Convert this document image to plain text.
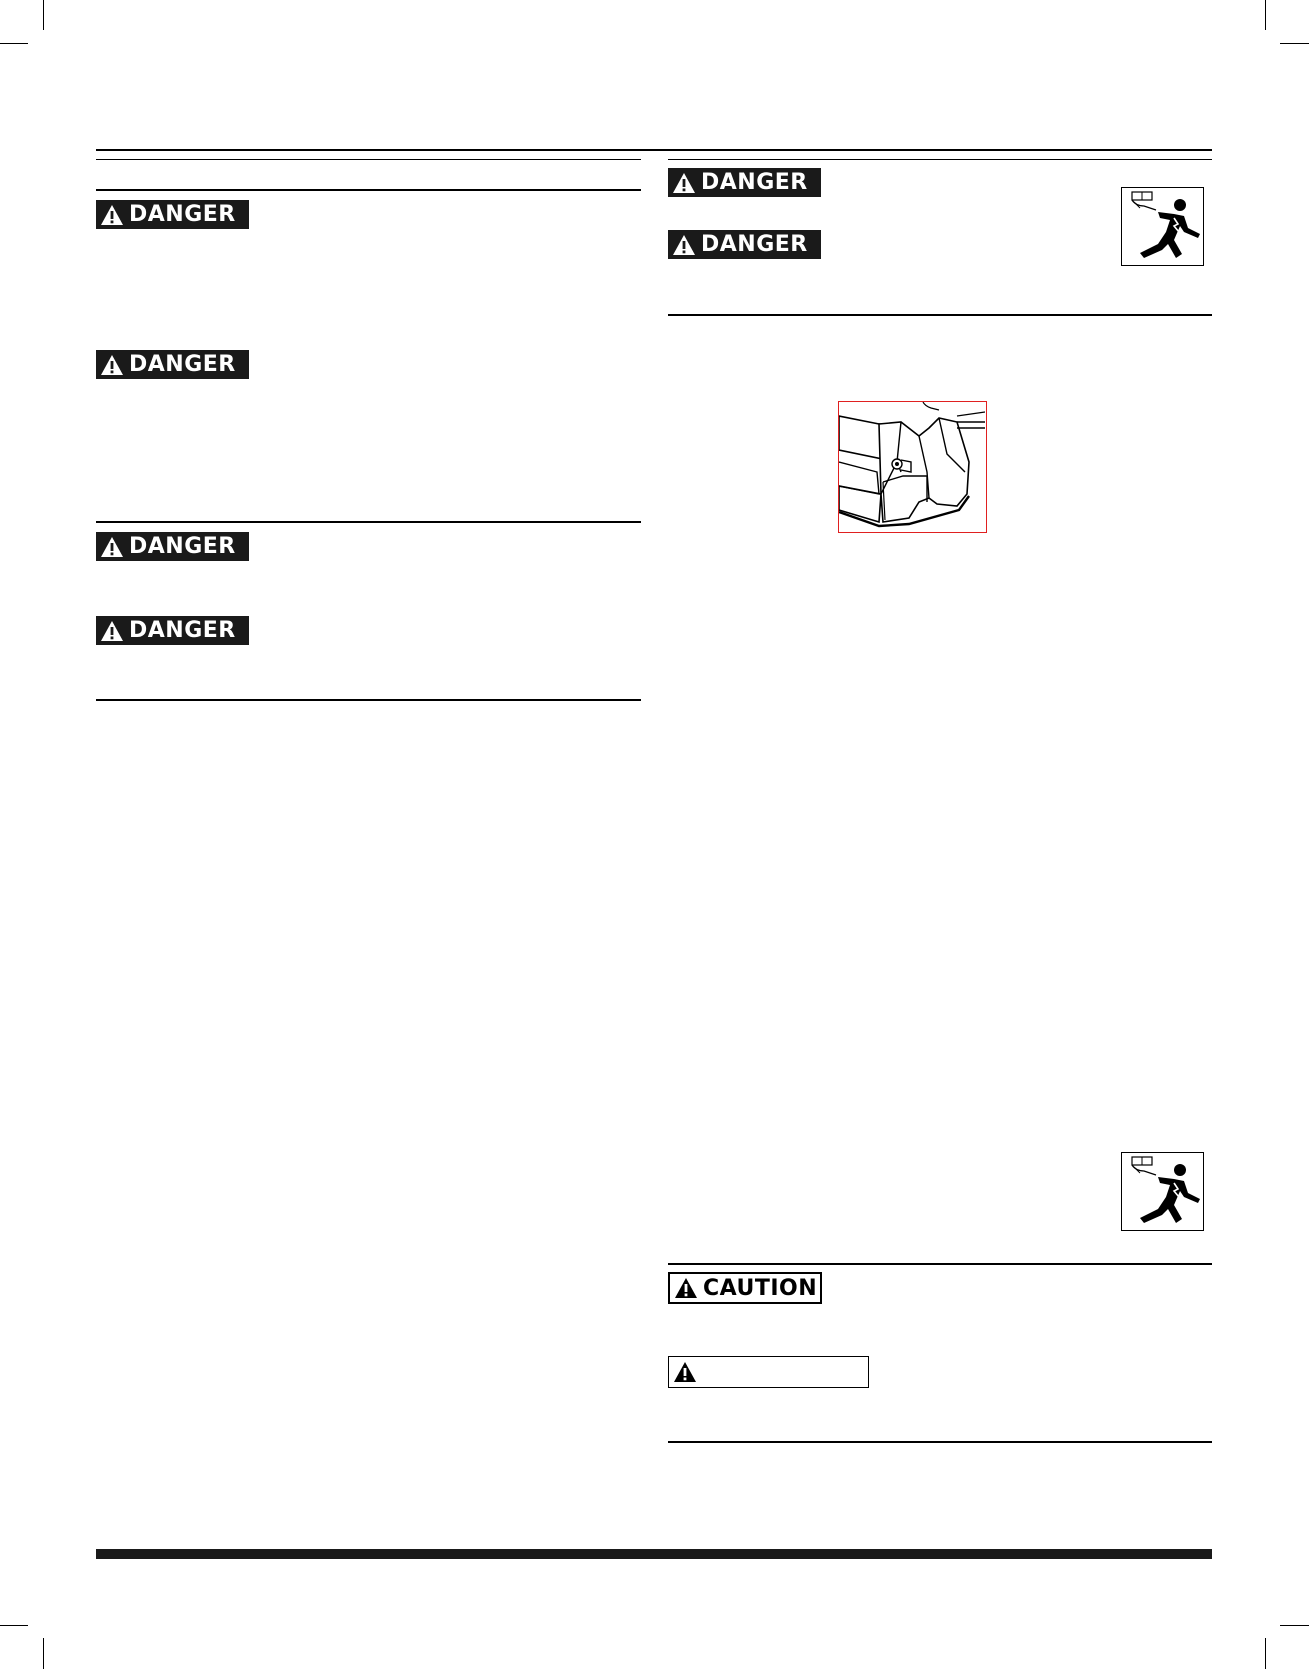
DANGER
DANGER
DANGER
DANGER
DANGER
DANGER
CAUTION
